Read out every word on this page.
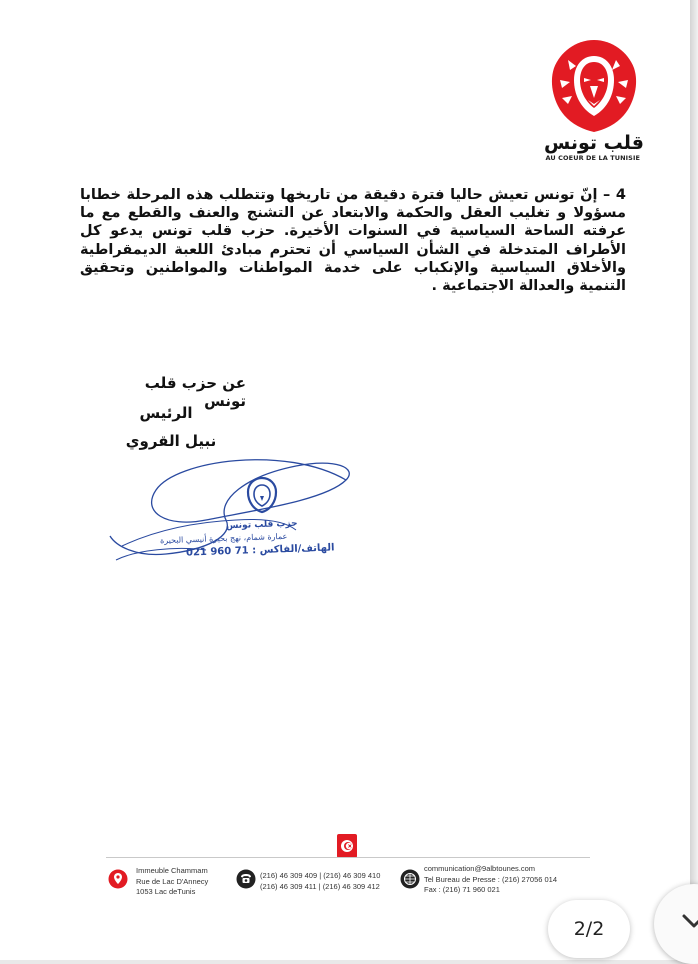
قلب تونس
AU COEUR DE LA TUNISIE
4 – إنّ تونس تعيش حاليا فترة دقيقة من تاريخها وتتطلب هذه المرحلة خطابا مسؤولا و تغليب العقل والحكمة والابتعاد عن التشنج والعنف والقطع مع ما عرفته الساحة السياسية في السنوات الأخيرة. حزب قلب تونس يدعو كل الأطراف المتدخلة في الشأن السياسي أن تحترم مبادئ اللعبة الديمقراطية والأخلاق السياسية والإنكباب على خدمة المواطنات والمواطنين وتحقيق التنمية والعدالة الاجتماعية .
عن حزب قلب تونس
الرئيس
نبيل القروي
حزب قلب تونس
عمارة شمام، نهج بحيرة أنيسي البحيرة
الهاتف/الفاكس : 71 960 021
Immeuble Chammam
Rue de Lac D'Annecy
1053 Lac deTunis
(216) 46 309 409 | (216) 46 309 410
(216) 46 309 411 | (216) 46 309 412
communication@9albtounes.com
Tel Bureau de Presse : (216) 27056 014
Fax : (216) 71 960 021
2/2
